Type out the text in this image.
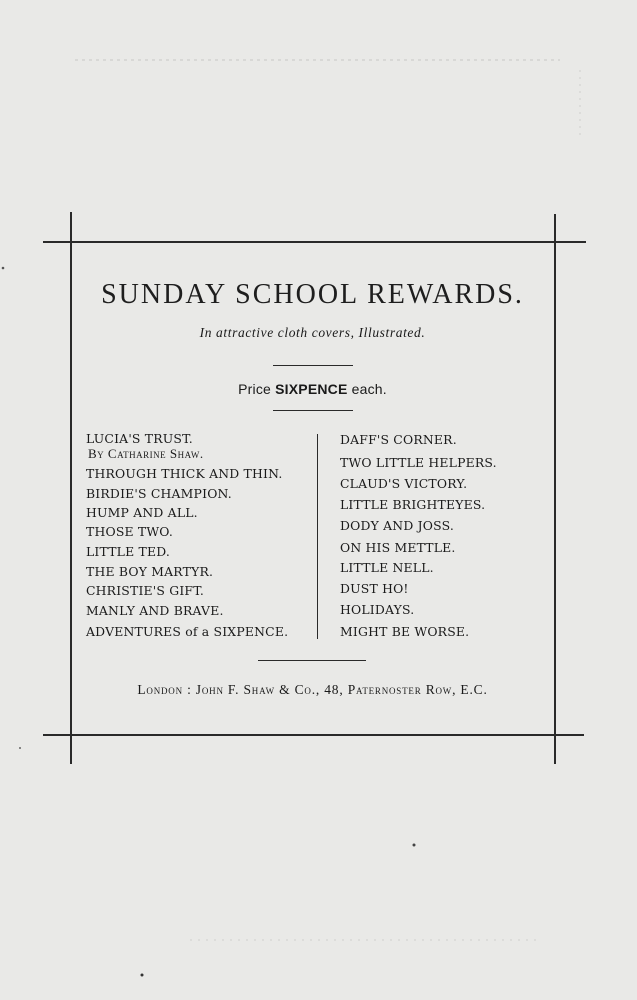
SUNDAY SCHOOL REWARDS.
In attractive cloth covers, Illustrated.
Price SIXPENCE each.
LUCIA'S TRUST.
By Catharine Shaw.
THROUGH THICK AND THIN.
BIRDIE'S CHAMPION.
HUMP AND ALL.
THOSE TWO.
LITTLE TED.
THE BOY MARTYR.
CHRISTIE'S GIFT.
MANLY AND BRAVE.
ADVENTURES of a SIXPENCE.
DAFF'S CORNER.
TWO LITTLE HELPERS.
CLAUD'S VICTORY.
LITTLE BRIGHTEYES.
DODY AND JOSS.
ON HIS METTLE.
LITTLE NELL.
DUST HO!
HOLIDAYS.
MIGHT BE WORSE.
London : John F. Shaw & Co., 48, Paternoster Row, E.C.
